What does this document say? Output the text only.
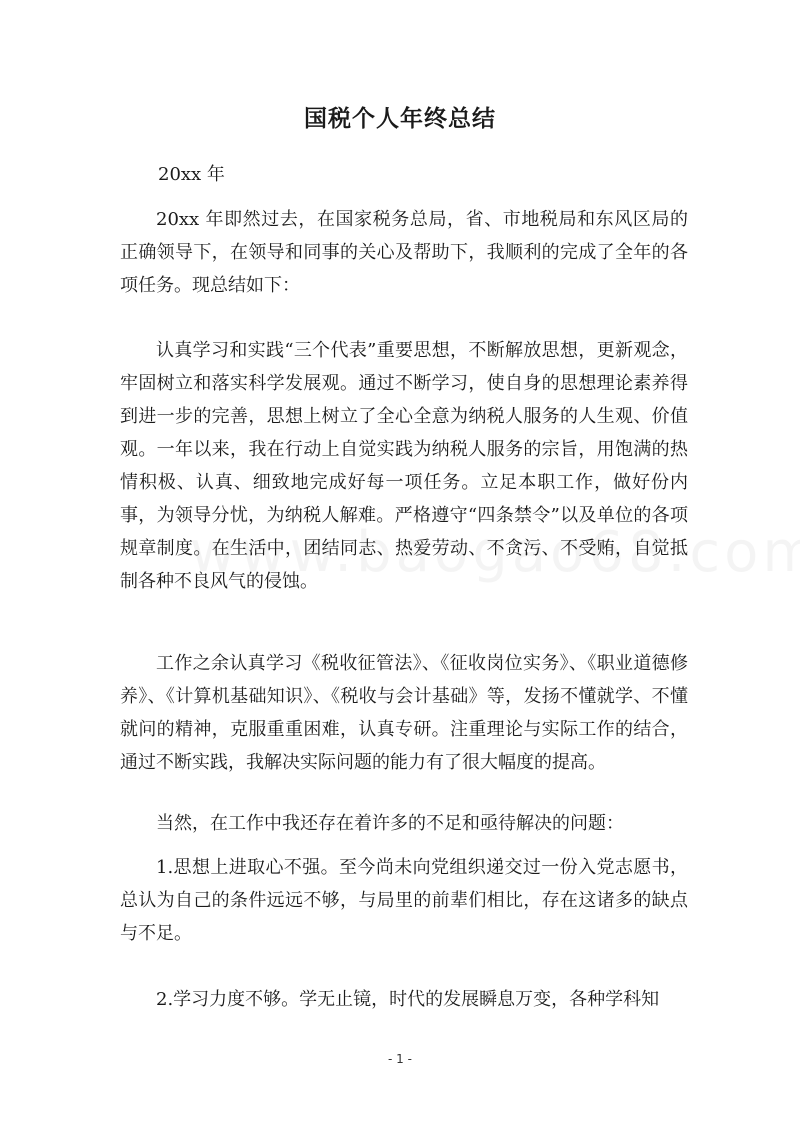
国税个人年终总结

20xx 年

20xx 年即然过去，在国家税务总局，省、市地税局和东风区局的正确领导下，在领导和同事的关心及帮助下，我顺利的完成了全年的各项任务。现总结如下：

认真学习和实践“三个代表”重要思想，不断解放思想，更新观念，牢固树立和落实科学发展观。通过不断学习，使自身的思想理论素养得到进一步的完善，思想上树立了全心全意为纳税人服务的人生观、价值观。一年以来，我在行动上自觉实践为纳税人服务的宗旨，用饱满的热情积极、认真、细致地完成好每一项任务。立足本职工作，做好份内事，为领导分忧，为纳税人解难。严格遵守“四条禁令”以及单位的各项规章制度。在生活中，团结同志、热爱劳动、不贪污、不受贿，自觉抵制各种不良风气的侵蚀。

工作之余认真学习《税收征管法》、《征收岗位实务》、《职业道德修养》、《计算机基础知识》、《税收与会计基础》等，发扬不懂就学、不懂就问的精神，克服重重困难，认真专研。注重理论与实际工作的结合，通过不断实践，我解决实际问题的能力有了很大幅度的提高。

当然，在工作中我还存在着许多的不足和亟待解决的问题：

1.思想上进取心不强。至今尚未向党组织递交过一份入党志愿书，总认为自己的条件远远不够，与局里的前辈们相比，存在这诸多的缺点与不足。

2.学习力度不够。学无止镜，时代的发展瞬息万变，各种学科知

- 1 -
